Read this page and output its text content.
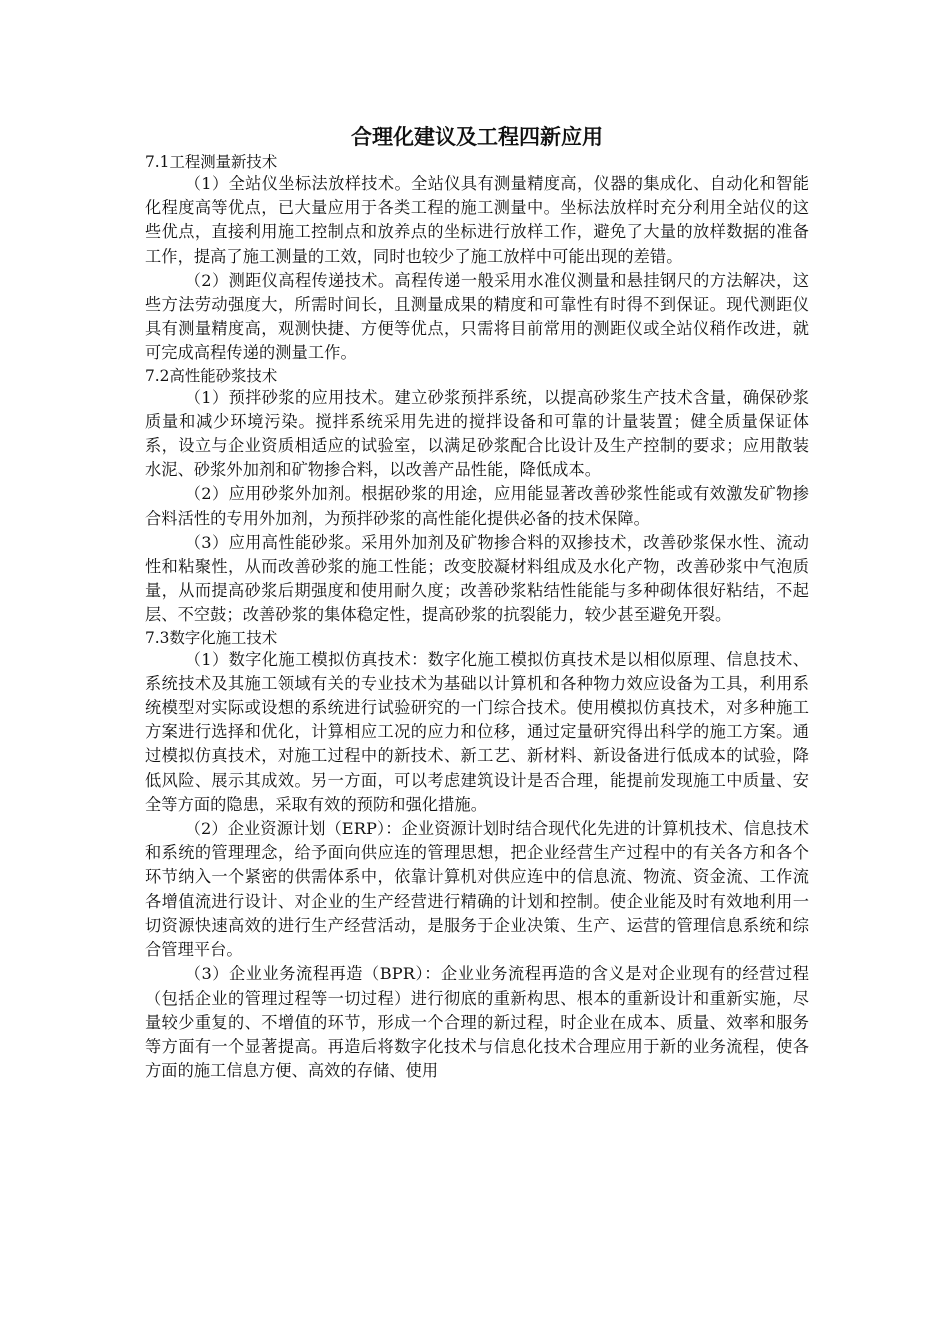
合理化建议及工程四新应用

7.1工程测量新技术

（1）全站仪坐标法放样技术。全站仪具有测量精度高，仪器的集成化、自动化和智能化程度高等优点，已大量应用于各类工程的施工测量中。坐标法放样时充分利用全站仪的这些优点，直接利用施工控制点和放养点的坐标进行放样工作，避免了大量的放样数据的准备工作，提高了施工测量的工效，同时也较少了施工放样中可能出现的差错。

（2）测距仪高程传递技术。高程传递一般采用水准仪测量和悬挂钢尺的方法解决，这些方法劳动强度大，所需时间长，且测量成果的精度和可靠性有时得不到保证。现代测距仪具有测量精度高，观测快捷、方便等优点，只需将目前常用的测距仪或全站仪稍作改进，就可完成高程传递的测量工作。

7.2高性能砂浆技术

（1）预拌砂浆的应用技术。建立砂浆预拌系统，以提高砂浆生产技术含量，确保砂浆质量和减少环境污染。搅拌系统采用先进的搅拌设备和可靠的计量装置；健全质量保证体系，设立与企业资质相适应的试验室，以满足砂浆配合比设计及生产控制的要求；应用散装水泥、砂浆外加剂和矿物掺合料，以改善产品性能，降低成本。

（2）应用砂浆外加剂。根据砂浆的用途，应用能显著改善砂浆性能或有效激发矿物掺合料活性的专用外加剂，为预拌砂浆的高性能化提供必备的技术保障。

（3）应用高性能砂浆。采用外加剂及矿物掺合料的双掺技术，改善砂浆保水性、流动性和粘聚性，从而改善砂浆的施工性能；改变胶凝材料组成及水化产物，改善砂浆中气泡质量，从而提高砂浆后期强度和使用耐久度；改善砂浆粘结性能能与多种砌体很好粘结，不起层、不空鼓；改善砂浆的集体稳定性，提高砂浆的抗裂能力，较少甚至避免开裂。

7.3数字化施工技术

（1）数字化施工模拟仿真技术：数字化施工模拟仿真技术是以相似原理、信息技术、系统技术及其施工领域有关的专业技术为基础以计算机和各种物力效应设备为工具，利用系统模型对实际或设想的系统进行试验研究的一门综合技术。使用模拟仿真技术，对多种施工方案进行选择和优化，计算相应工况的应力和位移，通过定量研究得出科学的施工方案。通过模拟仿真技术，对施工过程中的新技术、新工艺、新材料、新设备进行低成本的试验，降低风险、展示其成效。另一方面，可以考虑建筑设计是否合理，能提前发现施工中质量、安全等方面的隐患，采取有效的预防和强化措施。

（2）企业资源计划（ERP）：企业资源计划时结合现代化先进的计算机技术、信息技术和系统的管理理念，给予面向供应连的管理思想，把企业经营生产过程中的有关各方和各个环节纳入一个紧密的供需体系中，依靠计算机对供应连中的信息流、物流、资金流、工作流各增值流进行设计、对企业的生产经营进行精确的计划和控制。使企业能及时有效地利用一切资源快速高效的进行生产经营活动，是服务于企业决策、生产、运营的管理信息系统和综合管理平台。

（3）企业业务流程再造（BPR）：企业业务流程再造的含义是对企业现有的经营过程（包括企业的管理过程等一切过程）进行彻底的重新构思、根本的重新设计和重新实施，尽量较少重复的、不增值的环节，形成一个合理的新过程，时企业在成本、质量、效率和服务等方面有一个显著提高。再造后将数字化技术与信息化技术合理应用于新的业务流程，使各方面的施工信息方便、高效的存储、使用
